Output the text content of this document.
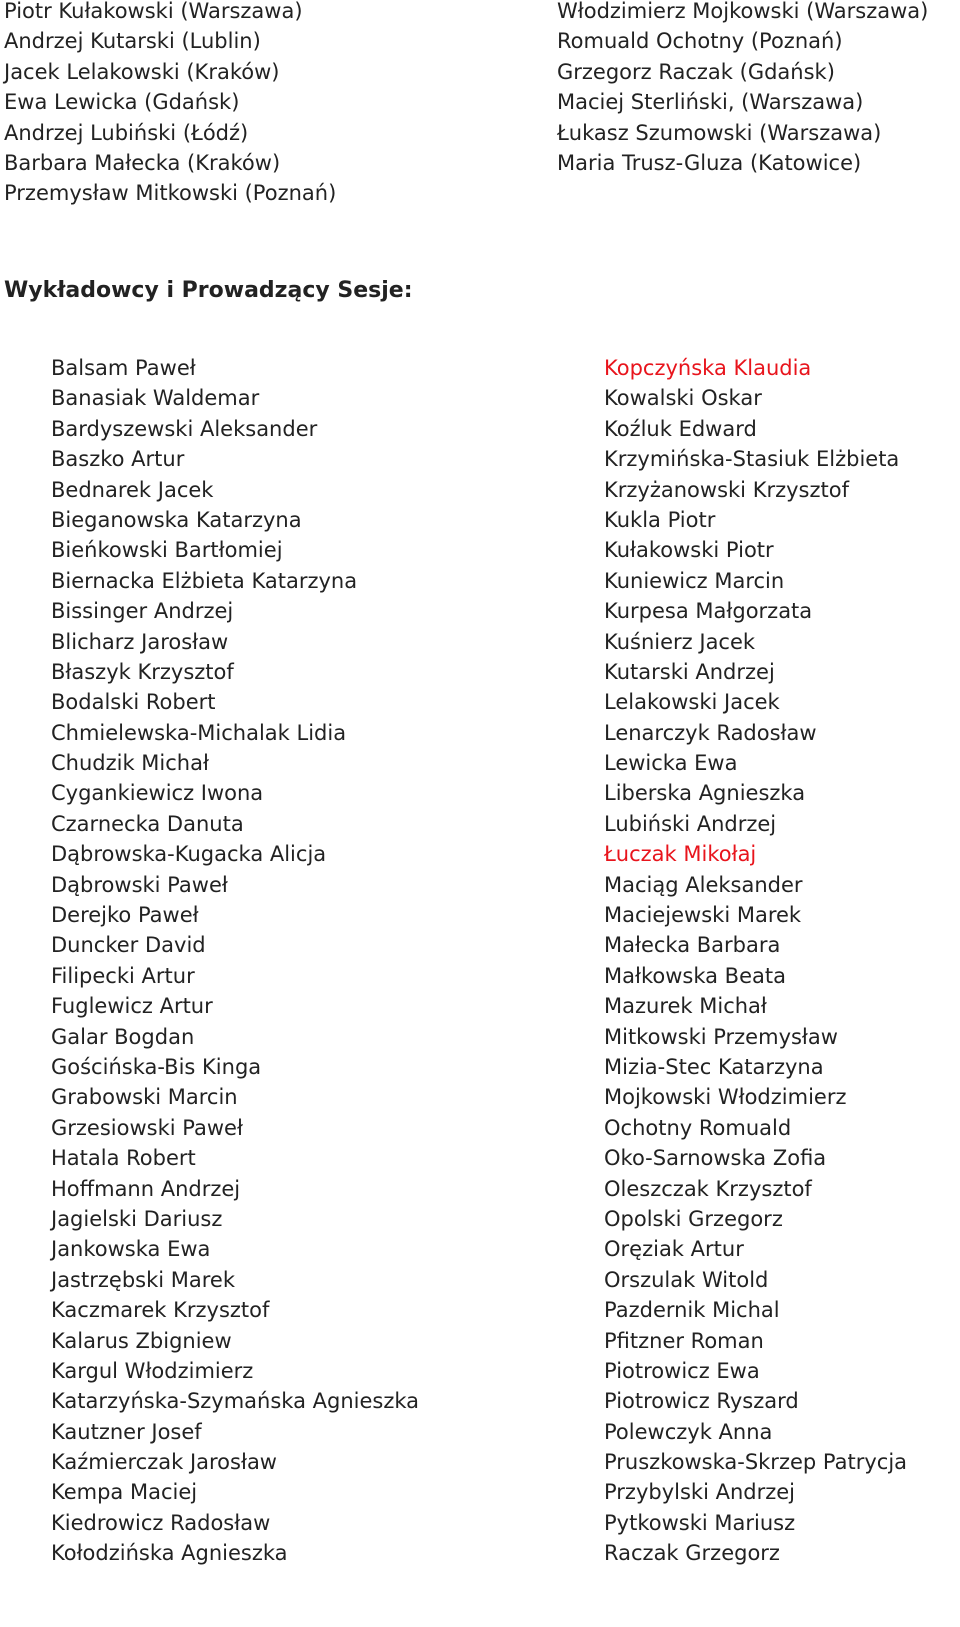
Piotr Kułakowski (Warszawa)
Andrzej Kutarski (Lublin)
Jacek Lelakowski (Kraków)
Ewa Lewicka (Gdańsk)
Andrzej Lubiński (Łódź)
Barbara Małecka (Kraków)
Przemysław Mitkowski (Poznań)
Włodzimierz Mojkowski (Warszawa)
Romuald Ochotny (Poznań)
Grzegorz Raczak (Gdańsk)
Maciej Sterliński, (Warszawa)
Łukasz Szumowski (Warszawa)
Maria Trusz-Gluza (Katowice)
Wykładowcy i Prowadzący Sesje:
Balsam Paweł
Banasiak Waldemar
Bardyszewski Aleksander
Baszko Artur
Bednarek Jacek
Bieganowska Katarzyna
Bieńkowski Bartłomiej
Biernacka Elżbieta Katarzyna
Bissinger Andrzej
Blicharz Jarosław
Błaszyk Krzysztof
Bodalski Robert
Chmielewska-Michalak Lidia
Chudzik Michał
Cygankiewicz Iwona
Czarnecka Danuta
Dąbrowska-Kugacka Alicja
Dąbrowski Paweł
Derejko Paweł
Duncker David
Filipecki Artur
Fuglewicz Artur
Galar Bogdan
Gościńska-Bis Kinga
Grabowski Marcin
Grzesiowski Paweł
Hatala Robert
Hoffmann Andrzej
Jagielski Dariusz
Jankowska Ewa
Jastrzębski Marek
Kaczmarek Krzysztof
Kalarus Zbigniew
Kargul Włodzimierz
Katarzyńska-Szymańska Agnieszka
Kautzner Josef
Kaźmierczak Jarosław
Kempa Maciej
Kiedrowicz Radosław
Kołodzińska Agnieszka
Kopczyńska Klaudia
Kowalski Oskar
Koźluk Edward
Krzymińska-Stasiuk Elżbieta
Krzyżanowski Krzysztof
Kukla Piotr
Kułakowski Piotr
Kuniewicz Marcin
Kurpesa Małgorzata
Kuśnierz Jacek
Kutarski Andrzej
Lelakowski Jacek
Lenarczyk Radosław
Lewicka Ewa
Liberska Agnieszka
Lubiński Andrzej
Łuczak Mikołaj
Maciąg Aleksander
Maciejewski Marek
Małecka Barbara
Małkowska Beata
Mazurek Michał
Mitkowski Przemysław
Mizia-Stec Katarzyna
Mojkowski Włodzimierz
Ochotny Romuald
Oko-Sarnowska Zofia
Oleszczak Krzysztof
Opolski Grzegorz
Oręziak Artur
Orszulak Witold
Pazdernik Michal
Pfitzner Roman
Piotrowicz Ewa
Piotrowicz Ryszard
Polewczyk Anna
Pruszkowska-Skrzep Patrycja
Przybylski Andrzej
Pytkowski Mariusz
Raczak Grzegorz
